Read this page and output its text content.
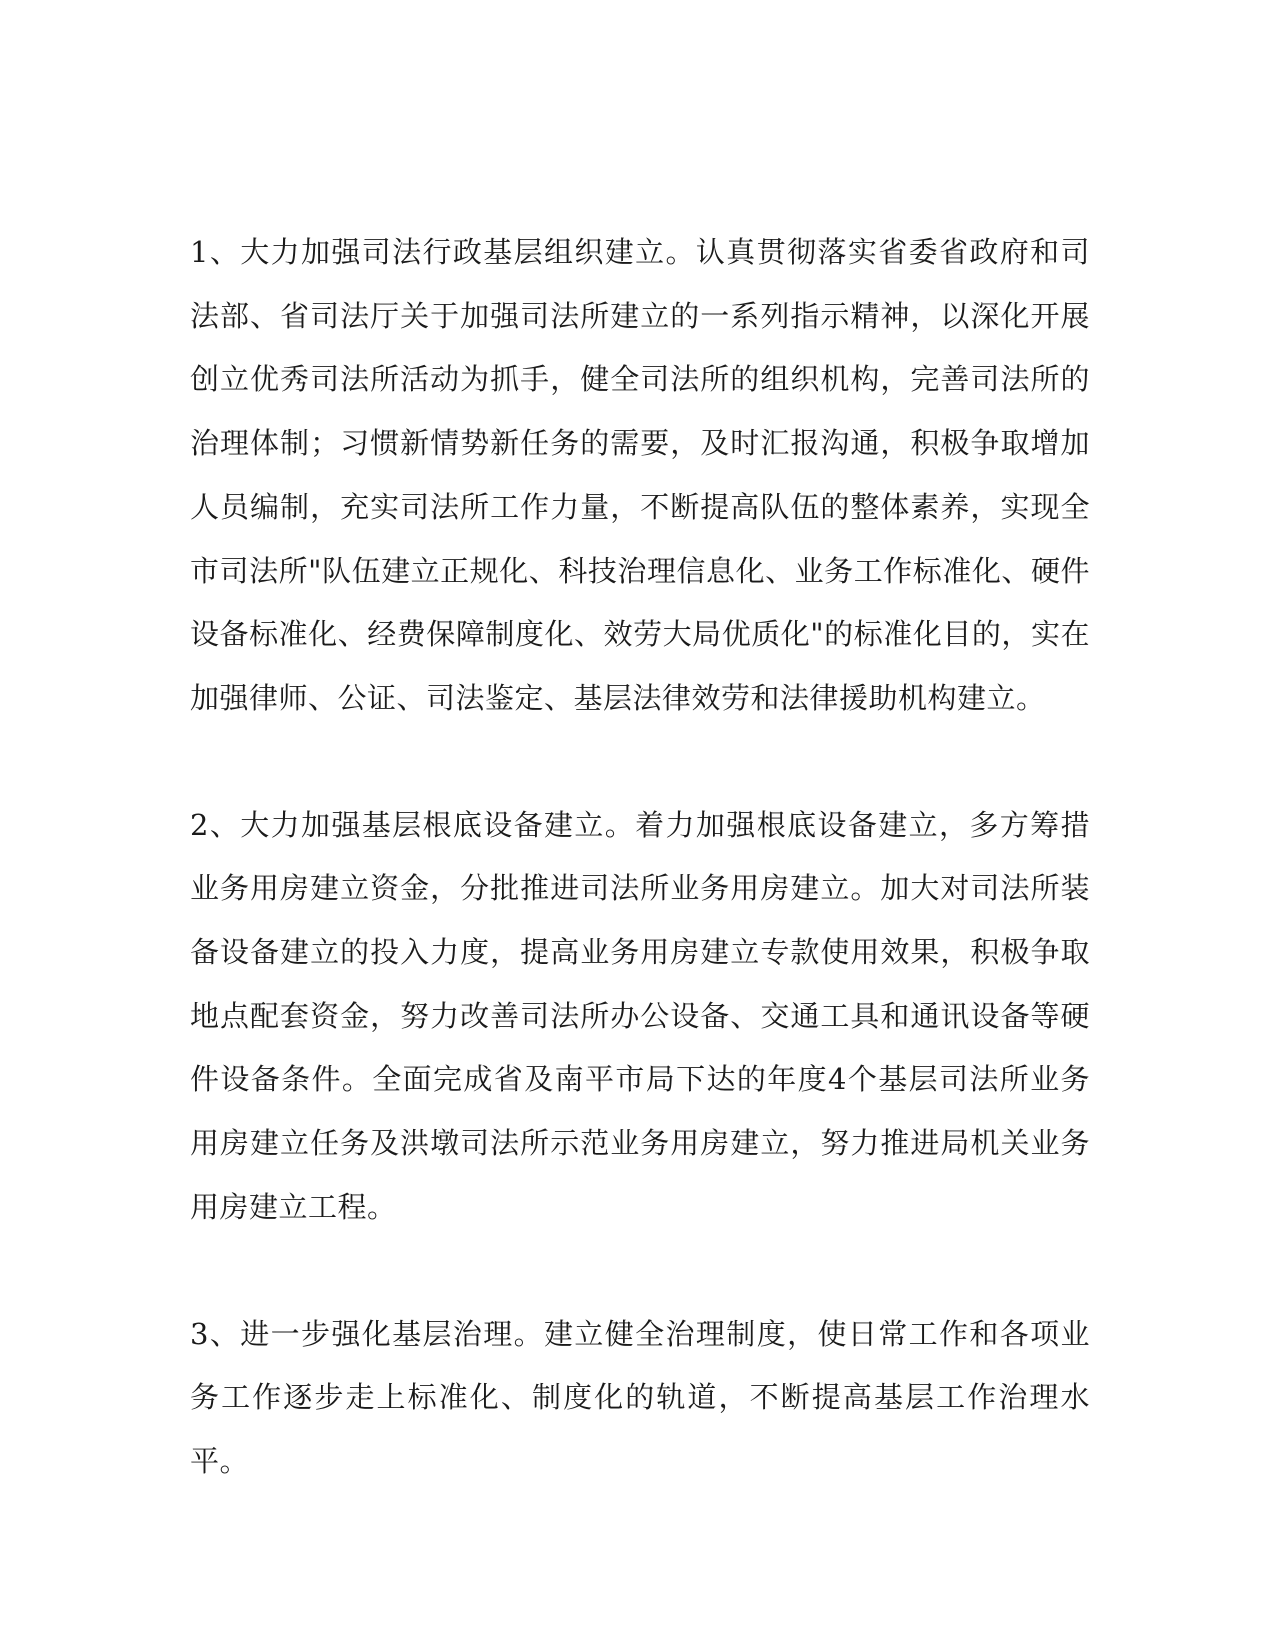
1、大力加强司法行政基层组织建立。认真贯彻落实省委省政府和司法部、省司法厅关于加强司法所建立的一系列指示精神，以深化开展创立优秀司法所活动为抓手，健全司法所的组织机构，完善司法所的治理体制；习惯新情势新任务的需要，及时汇报沟通，积极争取增加人员编制，充实司法所工作力量，不断提高队伍的整体素养，实现全市司法所"队伍建立正规化、科技治理信息化、业务工作标准化、硬件设备标准化、经费保障制度化、效劳大局优质化"的标准化目的，实在加强律师、公证、司法鉴定、基层法律效劳和法律援助机构建立。

2、大力加强基层根底设备建立。着力加强根底设备建立，多方筹措业务用房建立资金，分批推进司法所业务用房建立。加大对司法所装备设备建立的投入力度，提高业务用房建立专款使用效果，积极争取地点配套资金，努力改善司法所办公设备、交通工具和通讯设备等硬件设备条件。全面完成省及南平市局下达的年度4个基层司法所业务用房建立任务及洪墩司法所示范业务用房建立，努力推进局机关业务用房建立工程。

3、进一步强化基层治理。建立健全治理制度，使日常工作和各项业务工作逐步走上标准化、制度化的轨道，不断提高基层工作治理水平。
